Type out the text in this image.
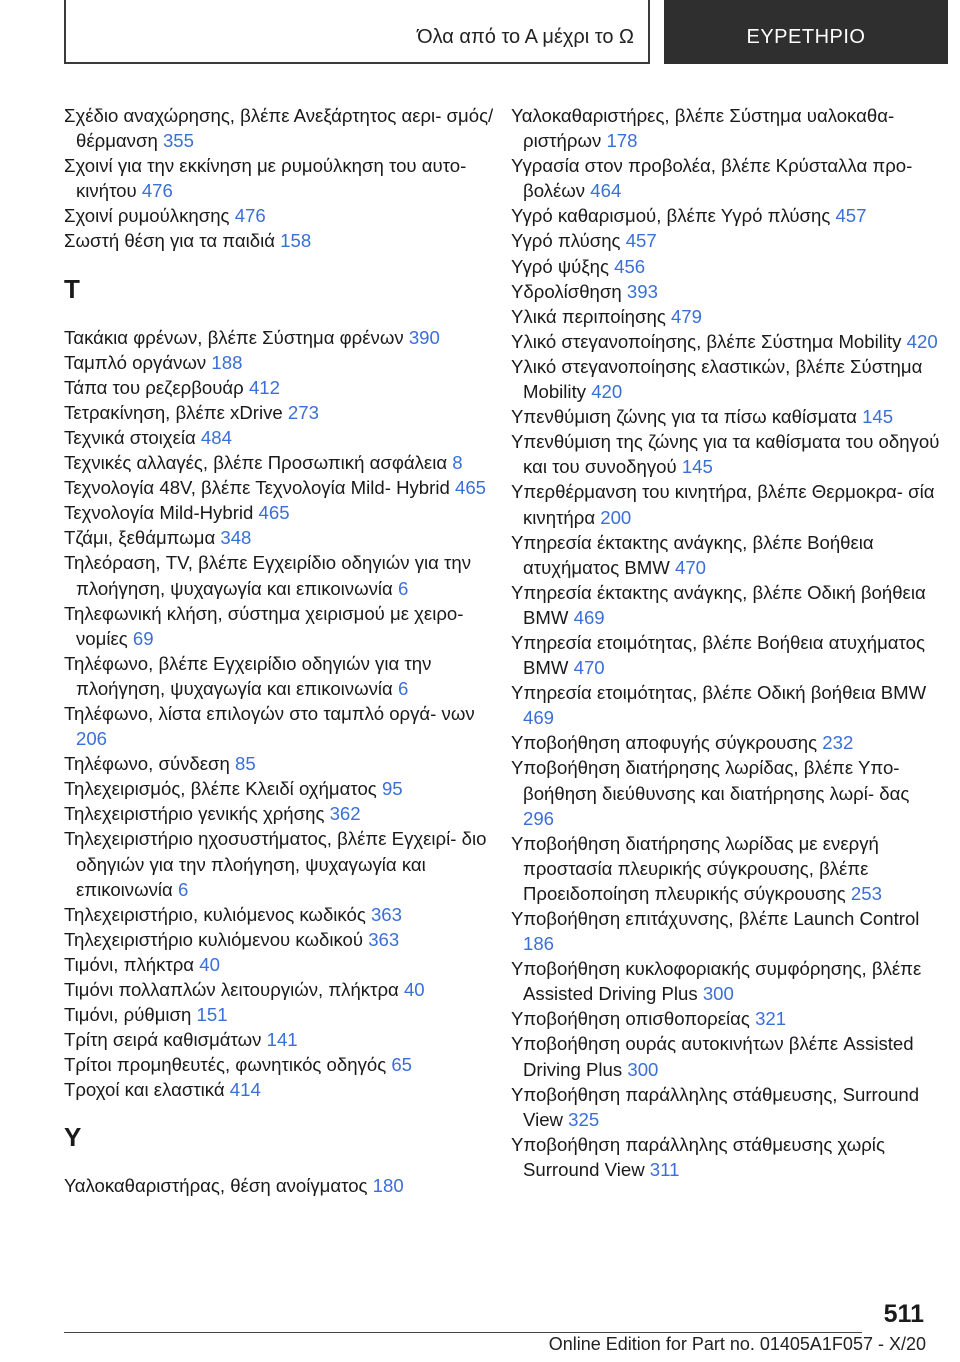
Όλα από το Α μέχρι το Ω	ΕΥΡΕΤΗΡΙΟ
Σχέδιο αναχώρησης, βλέπε Ανεξάρτητος αερι- σμός/θέρμανση 355
Σχοινί για την εκκίνηση με ρυμούλκηση του αυτο- κινήτου 476
Σχοινί ρυμούλκησης 476
Σωστή θέση για τα παιδιά 158
Τ
Τακάκια φρένων, βλέπε Σύστημα φρένων 390
Ταμπλό οργάνων 188
Τάπα του ρεζερβουάρ 412
Τετρακίνηση, βλέπε xDrive 273
Τεχνικά στοιχεία 484
Τεχνικές αλλαγές, βλέπε Προσωπική ασφάλεια 8
Τεχνολογία 48V, βλέπε Τεχνολογία Mild- Hybrid 465
Τεχνολογία Mild-Hybrid 465
Τζάμι, ξεθάμπωμα 348
Τηλεόραση, TV, βλέπε Εγχειρίδιο οδηγιών για την πλοήγηση, ψυχαγωγία και επικοινωνία 6
Τηλεφωνική κλήση, σύστημα χειρισμού με χειρο- νομίες 69
Τηλέφωνο, βλέπε Εγχειρίδιο οδηγιών για την πλοήγηση, ψυχαγωγία και επικοινωνία 6
Τηλέφωνο, λίστα επιλογών στο ταμπλό οργά- νων 206
Τηλέφωνο, σύνδεση 85
Τηλεχειρισμός, βλέπε Κλειδί οχήματος 95
Τηλεχειριστήριο γενικής χρήσης 362
Τηλεχειριστήριο ηχοσυστήματος, βλέπε Εγχειρί- διο οδηγιών για την πλοήγηση, ψυχαγωγία και επικοινωνία 6
Τηλεχειριστήριο, κυλιόμενος κωδικός 363
Τηλεχειριστήριο κυλιόμενου κωδικού 363
Τιμόνι, πλήκτρα 40
Τιμόνι πολλαπλών λειτουργιών, πλήκτρα 40
Τιμόνι, ρύθμιση 151
Τρίτη σειρά καθισμάτων 141
Τρίτοι προμηθευτές, φωνητικός οδηγός 65
Τροχοί και ελαστικά 414
Υ
Υαλοκαθαριστήρας, θέση ανοίγματος 180
Υαλοκαθαριστήρες, βλέπε Σύστημα υαλοκαθα- ριστήρων 178
Υγρασία στον προβολέα, βλέπε Κρύσταλλα προ- βολέων 464
Υγρό καθαρισμού, βλέπε Υγρό πλύσης 457
Υγρό πλύσης 457
Υγρό ψύξης 456
Υδρολίσθηση 393
Υλικά περιποίησης 479
Υλικό στεγανοποίησης, βλέπε Σύστημα Mobility 420
Υλικό στεγανοποίησης ελαστικών, βλέπε Σύστημα Mobility 420
Υπενθύμιση ζώνης για τα πίσω καθίσματα 145
Υπενθύμιση της ζώνης για τα καθίσματα του οδηγού και του συνοδηγού 145
Υπερθέρμανση του κινητήρα, βλέπε Θερμοκρα- σία κινητήρα 200
Υπηρεσία έκτακτης ανάγκης, βλέπε Βοήθεια ατυχήματος BMW 470
Υπηρεσία έκτακτης ανάγκης, βλέπε Οδική βοήθεια BMW 469
Υπηρεσία ετοιμότητας, βλέπε Βοήθεια ατυχήματος BMW 470
Υπηρεσία ετοιμότητας, βλέπε Οδική βοήθεια BMW 469
Υποβοήθηση αποφυγής σύγκρουσης 232
Υποβοήθηση διατήρησης λωρίδας, βλέπε Υπο- βοήθηση διεύθυνσης και διατήρησης λωρί- δας 296
Υποβοήθηση διατήρησης λωρίδας με ενεργή προστασία πλευρικής σύγκρουσης, βλέπε Προειδοποίηση πλευρικής σύγκρουσης 253
Υποβοήθηση επιτάχυνσης, βλέπε Launch Control 186
Υποβοήθηση κυκλοφοριακής συμφόρησης, βλέπε Assisted Driving Plus 300
Υποβοήθηση οπισθοπορείας 321
Υποβοήθηση ουράς αυτοκινήτων βλέπε Assisted Driving Plus 300
Υποβοήθηση παράλληλης στάθμευσης, Surround View 325
Υποβοήθηση παράλληλης στάθμευσης χωρίς Surround View 311
511
Online Edition for Part no. 01405A1F057 - X/20
